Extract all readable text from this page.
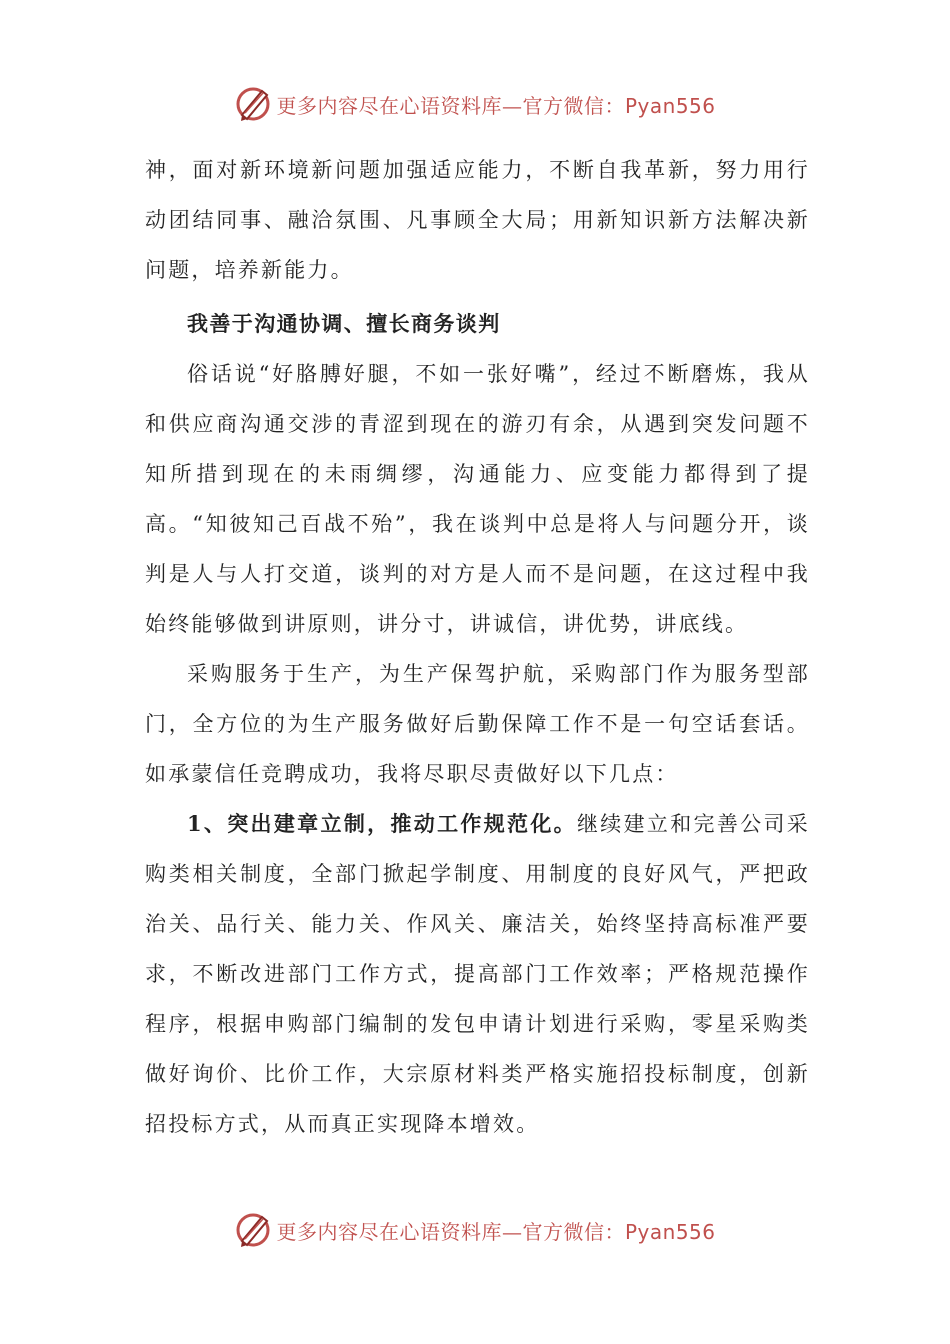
更多内容尽在心语资料库—官方微信：Pyan556

神，面对新环境新问题加强适应能力，不断自我革新，努力用行动团结同事、融洽氛围、凡事顾全大局；用新知识新方法解决新问题，培养新能力。

我善于沟通协调、擅长商务谈判

俗话说“好胳膊好腿，不如一张好嘴”，经过不断磨炼，我从和供应商沟通交涉的青涩到现在的游刃有余，从遇到突发问题不知所措到现在的未雨绸缪，沟通能力、应变能力都得到了提高。“知彼知己百战不殆”，我在谈判中总是将人与问题分开，谈判是人与人打交道，谈判的对方是人而不是问题，在这过程中我始终能够做到讲原则，讲分寸，讲诚信，讲优势，讲底线。

采购服务于生产，为生产保驾护航，采购部门作为服务型部门，全方位的为生产服务做好后勤保障工作不是一句空话套话。如承蒙信任竞聘成功，我将尽职尽责做好以下几点：

1、突出建章立制，推动工作规范化。继续建立和完善公司采购类相关制度，全部门掀起学制度、用制度的良好风气，严把政治关、品行关、能力关、作风关、廉洁关，始终坚持高标准严要求，不断改进部门工作方式，提高部门工作效率；严格规范操作程序，根据申购部门编制的发包申请计划进行采购，零星采购类做好询价、比价工作，大宗原材料类严格实施招投标制度，创新招投标方式，从而真正实现降本增效。

更多内容尽在心语资料库—官方微信：Pyan556
